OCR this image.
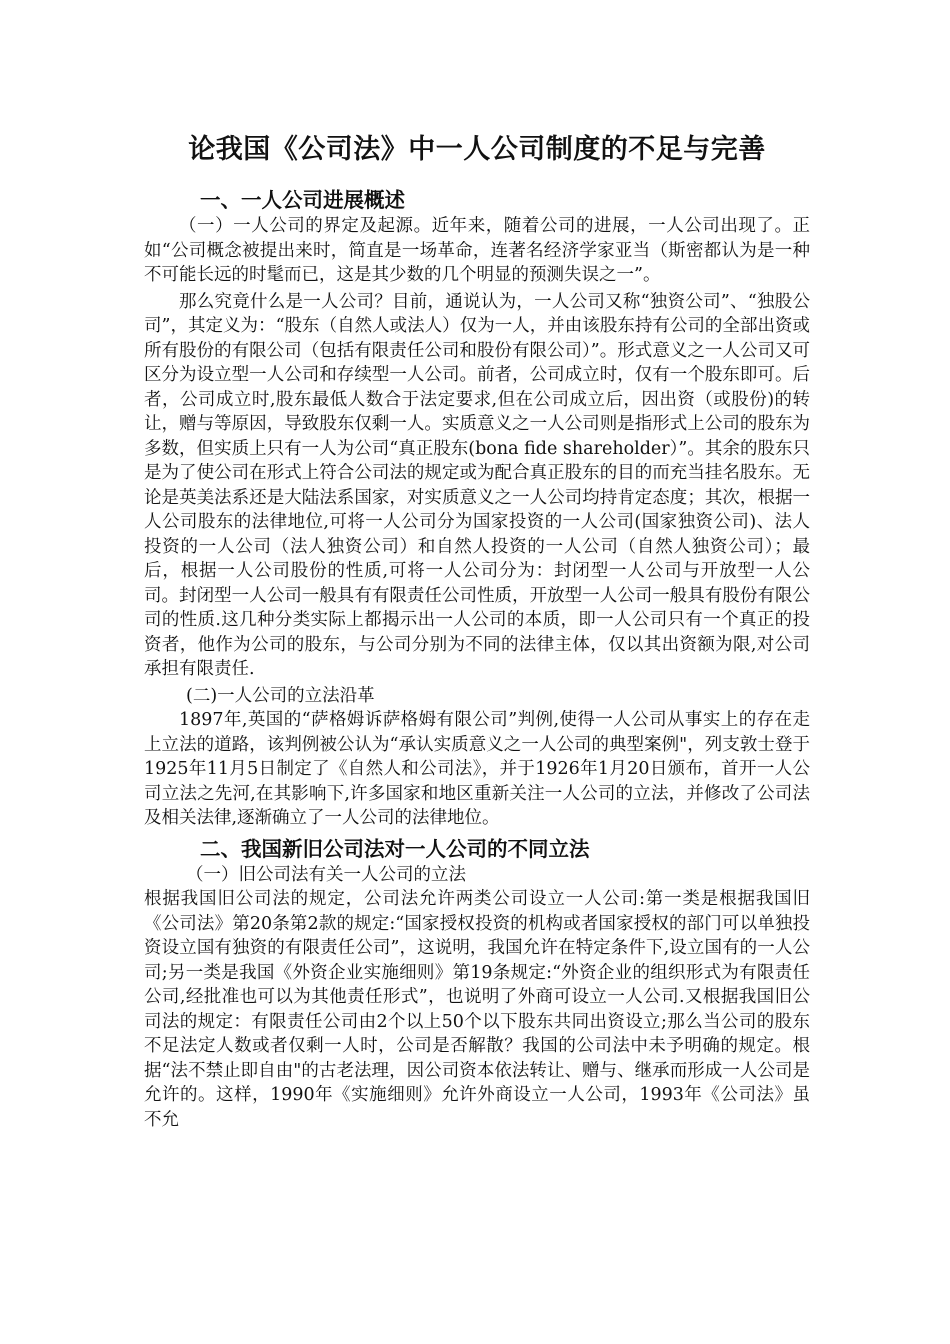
论我国《公司法》中一人公司制度的不足与完善
一、一人公司进展概述

（一）一人公司的界定及起源。近年来，随着公司的进展，一人公司出现了。正如“公司概念被提出来时，简直是一场革命，连著名经济学家亚当（斯密都认为是一种不可能长远的时髦而已，这是其少数的几个明显的预测失误之一”。

那么究竟什么是一人公司？目前，通说认为，一人公司又称“独资公司”、“独股公司”，其定义为：“股东（自然人或法人）仅为一人，并由该股东持有公司的全部出资或所有股份的有限公司（包括有限责任公司和股份有限公司）”。形式意义之一人公司又可区分为设立型一人公司和存续型一人公司。前者，公司成立时，仅有一个股东即可。后者，公司成立时,股东最低人数合于法定要求,但在公司成立后，因出资（或股份)的转让，赠与等原因，导致股东仅剩一人。实质意义之一人公司则是指形式上公司的股东为多数，但实质上只有一人为公司“真正股东(bona fide shareholder）”。其余的股东只是为了使公司在形式上符合公司法的规定或为配合真正股东的目的而充当挂名股东。无论是英美法系还是大陆法系国家，对实质意义之一人公司均持肯定态度；其次，根据一人公司股东的法律地位,可将一人公司分为国家投资的一人公司(国家独资公司)、法人投资的一人公司（法人独资公司）和自然人投资的一人公司（自然人独资公司）；最后，根据一人公司股份的性质,可将一人公司分为：封闭型一人公司与开放型一人公司。封闭型一人公司一般具有有限责任公司性质，开放型一人公司一般具有股份有限公司的性质.这几种分类实际上都揭示出一人公司的本质，即一人公司只有一个真正的投资者，他作为公司的股东，与公司分别为不同的法律主体，仅以其出资额为限,对公司承担有限责任.

(二)一人公司的立法沿革

1897年,英国的“萨格姆诉萨格姆有限公司”判例,使得一人公司从事实上的存在走上立法的道路，该判例被公认为“承认实质意义之一人公司的典型案例"，列支敦士登于1925年11月5日制定了《自然人和公司法》，并于1926年1月20日颁布，首开一人公司立法之先河,在其影响下,许多国家和地区重新关注一人公司的立法，并修改了公司法及相关法律,逐渐确立了一人公司的法律地位。

二、我国新旧公司法对一人公司的不同立法

（一）旧公司法有关一人公司的立法

根据我国旧公司法的规定，公司法允许两类公司设立一人公司:第一类是根据我国旧《公司法》第20条第2款的规定:“国家授权投资的机构或者国家授权的部门可以单独投资设立国有独资的有限责任公司”，这说明，我国允许在特定条件下,设立国有的一人公司;另一类是我国《外资企业实施细则》第19条规定:“外资企业的组织形式为有限责任公司,经批准也可以为其他责任形式”，也说明了外商可设立一人公司.又根据我国旧公司法的规定：有限责任公司由2个以上50个以下股东共同出资设立;那么当公司的股东不足法定人数或者仅剩一人时，公司是否解散？我国的公司法中未予明确的规定。根据“法不禁止即自由"的古老法理，因公司资本依法转让、赠与、继承而形成一人公司是允许的。这样，1990年《实施细则》允许外商设立一人公司，1993年《公司法》虽不允
